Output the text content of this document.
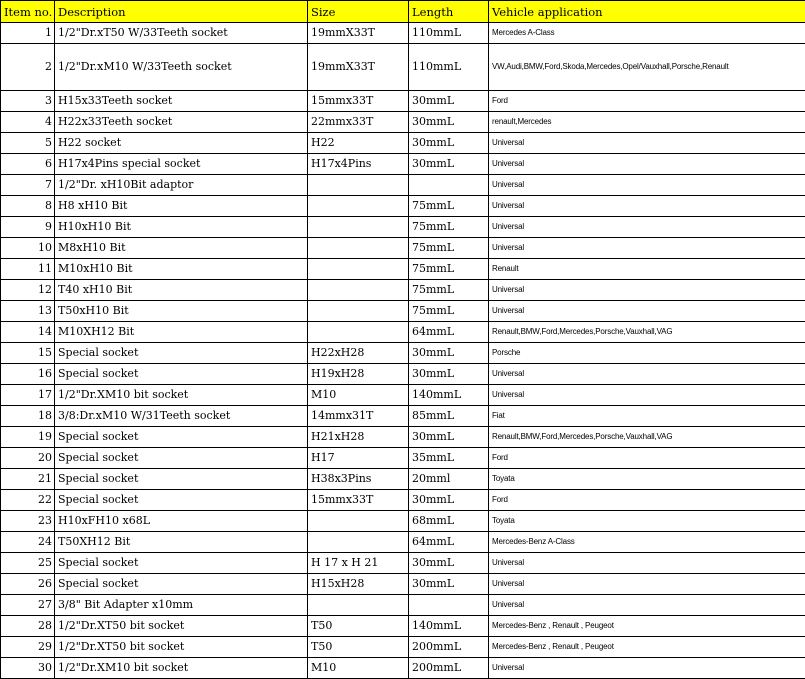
Item no.	Description	Size	Length	Vehicle application
1	1/2"Dr.xT50 W/33Teeth socket	19mmX33T	110mmL	Mercedes A-Class
2	1/2"Dr.xM10 W/33Teeth socket	19mmX33T	110mmL	VW,Audi,BMW,Ford,Skoda,Mercedes,Opel/Vauxhall,Porsche,Renault
3	H15x33Teeth socket	15mmx33T	30mmL	Ford
4	H22x33Teeth socket	22mmx33T	30mmL	renault,Mercedes
5	H22 socket	H22	30mmL	Universal
6	H17x4Pins special socket	H17x4Pins	30mmL	Universal
7	1/2"Dr. xH10Bit adaptor			Universal
8	H8 xH10 Bit		75mmL	Universal
9	H10xH10 Bit		75mmL	Universal
10	M8xH10 Bit		75mmL	Universal
11	M10xH10 Bit		75mmL	Renault
12	T40 xH10 Bit		75mmL	Universal
13	T50xH10 Bit		75mmL	Universal
14	M10XH12 Bit		64mmL	Renault,BMW,Ford,Mercedes,Porsche,Vauxhall,VAG
15	Special socket	H22xH28	30mmL	Porsche
16	Special socket	H19xH28	30mmL	Universal
17	1/2"Dr.XM10 bit socket	M10	140mmL	Universal
18	3/8:Dr.xM10 W/31Teeth socket	14mmx31T	85mmL	Fiat
19	Special socket	H21xH28	30mmL	Renault,BMW,Ford,Mercedes,Porsche,Vauxhall,VAG
20	Special socket	H17	35mmL	Ford
21	Special socket	H38x3Pins	20mml	Toyata
22	Special socket	15mmx33T	30mmL	Ford
23	H10xFH10 x68L		68mmL	Toyata
24	T50XH12 Bit		64mmL	Mercedes-Benz A-Class
25	Special socket	H 17 x H 21	30mmL	Universal
26	Special socket	H15xH28	30mmL	Universal
27	3/8" Bit Adapter x10mm			Universal
28	1/2"Dr.XT50 bit socket	T50	140mmL	Mercedes-Benz , Renault , Peugeot
29	1/2"Dr.XT50 bit socket	T50	200mmL	Mercedes-Benz , Renault , Peugeot
30	1/2"Dr.XM10 bit socket	M10	200mmL	Universal
